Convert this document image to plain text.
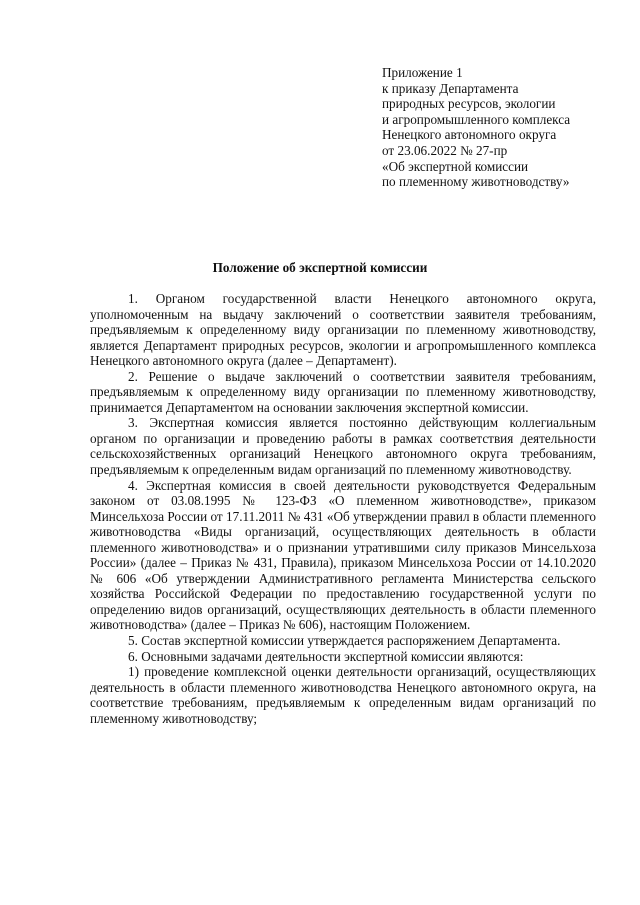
Приложение 1
к приказу Департамента
природных ресурсов, экологии
и агропромышленного комплекса
Ненецкого автономного округа
от 23.06.2022 № 27-пр
«Об экспертной комиссии
по племенному животноводству»
Положение об экспертной комиссии

1. Органом государственной власти Ненецкого автономного округа, уполномоченным на выдачу заключений о соответствии заявителя требованиям, предъявляемым к определенному виду организации по племенному животноводству, является Департамент природных ресурсов, экологии и агропромышленного комплекса Ненецкого автономного округа (далее – Департамент).

2. Решение о выдаче заключений о соответствии заявителя требованиям, предъявляемым к определенному виду организации по племенному животноводству, принимается Департаментом на основании заключения экспертной комиссии.

3. Экспертная комиссия является постоянно действующим коллегиальным органом по организации и проведению работы в рамках соответствия деятельности сельскохозяйственных организаций Ненецкого автономного округа требованиям, предъявляемым к определенным видам организаций по племенному животноводству.

4. Экспертная комиссия в своей деятельности руководствуется Федеральным законом от 03.08.1995 № 123-ФЗ «О племенном животноводстве», приказом Минсельхоза России от 17.11.2011 № 431 «Об утверждении правил в области племенного животноводства «Виды организаций, осуществляющих деятельность в области племенного животноводства» и о признании утратившими силу приказов Минсельхоза России» (далее – Приказ № 431, Правила), приказом Минсельхоза России от 14.10.2020 № 606 «Об утверждении Административного регламента Министерства сельского хозяйства Российской Федерации по предоставлению государственной услуги по определению видов организаций, осуществляющих деятельность в области племенного животноводства» (далее – Приказ № 606), настоящим Положением.

5. Состав экспертной комиссии утверждается распоряжением Департамента.

6. Основными задачами деятельности экспертной комиссии являются:

1) проведение комплексной оценки деятельности организаций, осуществляющих деятельность в области племенного животноводства Ненецкого автономного округа, на соответствие требованиям, предъявляемым к определенным видам организаций по племенному животноводству;
